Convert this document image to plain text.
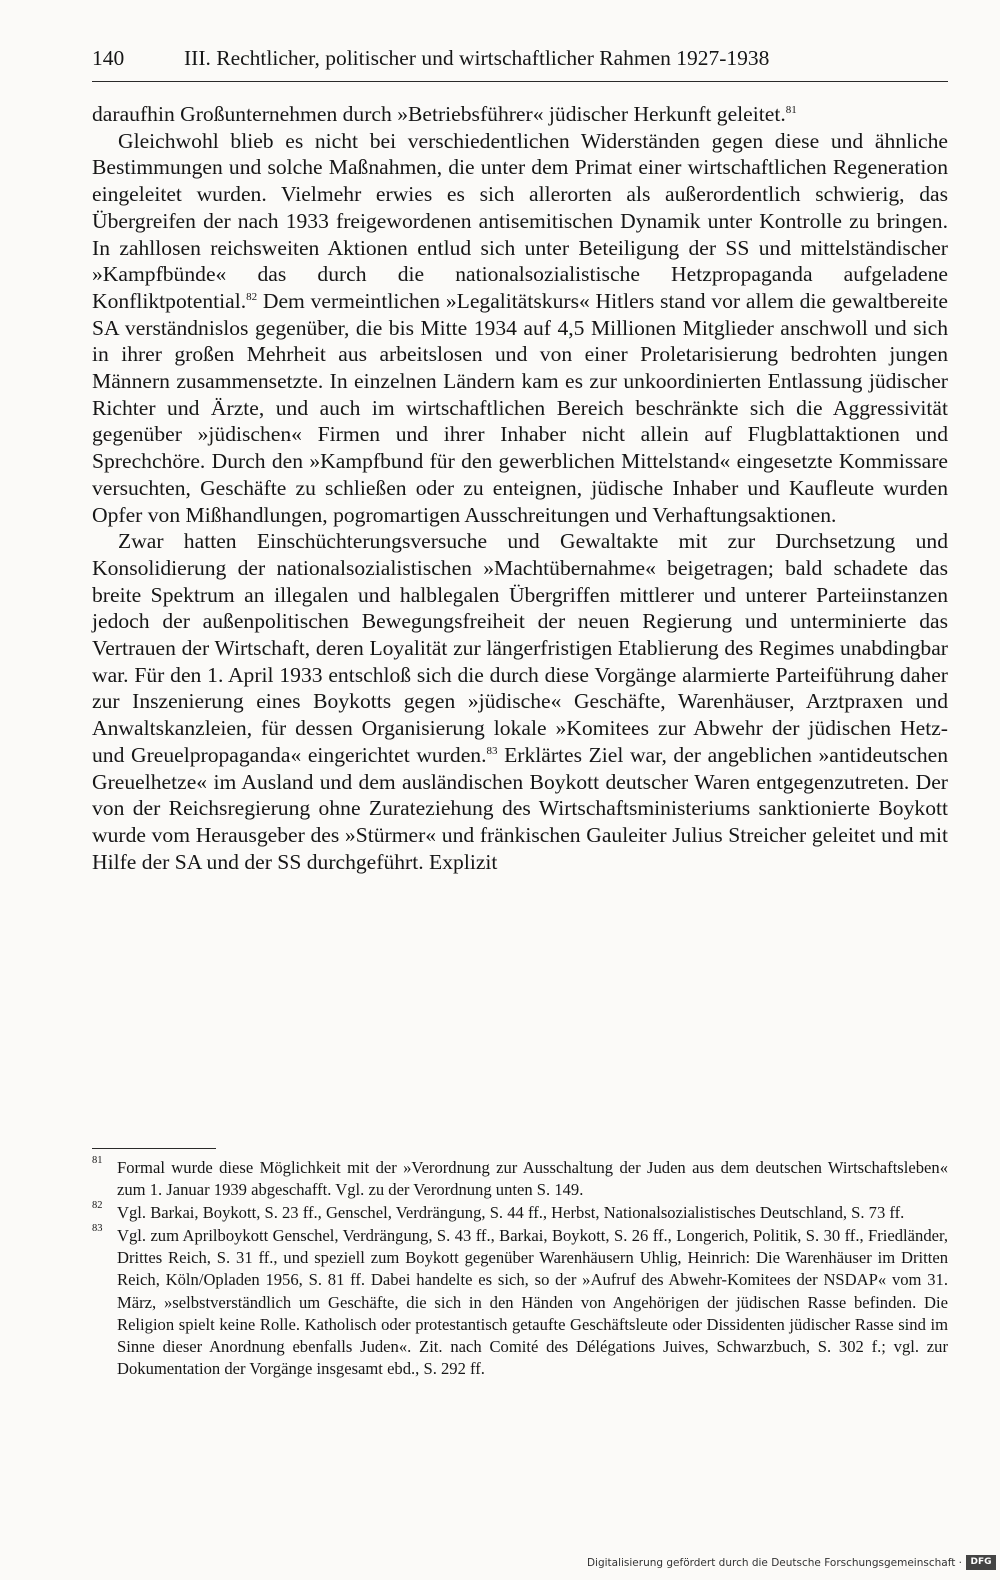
140	III. Rechtlicher, politischer und wirtschaftlicher Rahmen 1927-1938

daraufhin Großunternehmen durch »Betriebsführer« jüdischer Herkunft geleitet.$^{81}$

Gleichwohl blieb es nicht bei verschiedentlichen Widerständen gegen diese und ähnliche Bestimmungen und solche Maßnahmen, die unter dem Primat einer wirtschaftlichen Regeneration eingeleitet wurden. Vielmehr erwies es sich allerorten als außerordentlich schwierig, das Übergreifen der nach 1933 freigewordenen antisemitischen Dynamik unter Kontrolle zu bringen. In zahllosen reichsweiten Aktionen entlud sich unter Beteiligung der SS und mittelständischer »Kampfbünde« das durch die nationalsozialistische Hetzpropaganda aufgeladene Konfliktpotential.$^{82}$ Dem vermeintlichen »Legalitätskurs« Hitlers stand vor allem die gewaltbereite SA verständnislos gegenüber, die bis Mitte 1934 auf 4,5 Millionen Mitglieder anschwoll und sich in ihrer großen Mehrheit aus arbeitslosen und von einer Proletarisierung bedrohten jungen Männern zusammensetzte. In einzelnen Ländern kam es zur unkoordinierten Entlassung jüdischer Richter und Ärzte, und auch im wirtschaftlichen Bereich beschränkte sich die Aggressivität gegenüber »jüdischen« Firmen und ihrer Inhaber nicht allein auf Flugblattaktionen und Sprechchöre. Durch den »Kampfbund für den gewerblichen Mittelstand« eingesetzte Kommissare versuchten, Geschäfte zu schließen oder zu enteignen, jüdische Inhaber und Kaufleute wurden Opfer von Mißhandlungen, pogromartigen Ausschreitungen und Verhaftungsaktionen.

Zwar hatten Einschüchterungsversuche und Gewaltakte mit zur Durchsetzung und Konsolidierung der nationalsozialistischen »Machtübernahme« beigetragen; bald schadete das breite Spektrum an illegalen und halblegalen Übergriffen mittlerer und unterer Parteiinstanzen jedoch der außenpolitischen Bewegungsfreiheit der neuen Regierung und unterminierte das Vertrauen der Wirtschaft, deren Loyalität zur längerfristigen Etablierung des Regimes unabdingbar war. Für den 1. April 1933 entschloß sich die durch diese Vorgänge alarmierte Parteiführung daher zur Inszenierung eines Boykotts gegen »jüdische« Geschäfte, Warenhäuser, Arztpraxen und Anwaltskanzleien, für dessen Organisierung lokale »Komitees zur Abwehr der jüdischen Hetz- und Greuelpropaganda« eingerichtet wurden.$^{83}$ Erklärtes Ziel war, der angeblichen »antideutschen Greuelhetze« im Ausland und dem ausländischen Boykott deutscher Waren entgegenzutreten. Der von der Reichsregierung ohne Zurateziehung des Wirtschaftsministeriums sanktionierte Boykott wurde vom Herausgeber des »Stürmer« und fränkischen Gauleiter Julius Streicher geleitet und mit Hilfe der SA und der SS durchgeführt. Explizit

81 Formal wurde diese Möglichkeit mit der »Verordnung zur Ausschaltung der Juden aus dem deutschen Wirtschaftsleben« zum 1. Januar 1939 abgeschafft. Vgl. zu der Verordnung unten S. 149.
82 Vgl. Barkai, Boykott, S. 23 ff., Genschel, Verdrängung, S. 44 ff., Herbst, Nationalsozialistisches Deutschland, S. 73 ff.
83 Vgl. zum Aprilboykott Genschel, Verdrängung, S. 43 ff., Barkai, Boykott, S. 26 ff., Longerich, Politik, S. 30 ff., Friedländer, Drittes Reich, S. 31 ff., und speziell zum Boykott gegenüber Warenhäusern Uhlig, Heinrich: Die Warenhäuser im Dritten Reich, Köln/Opladen 1956, S. 81 ff. Dabei handelte es sich, so der »Aufruf des Abwehr-Komitees der NSDAP« vom 31. März, »selbstverständlich um Geschäfte, die sich in den Händen von Angehörigen der jüdischen Rasse befinden. Die Religion spielt keine Rolle. Katholisch oder protestantisch getaufte Geschäftsleute oder Dissidenten jüdischer Rasse sind im Sinne dieser Anordnung ebenfalls Juden«. Zit. nach Comité des Délégations Juives, Schwarzbuch, S. 302 f.; vgl. zur Dokumentation der Vorgänge insgesamt ebd., S. 292 ff.
Digitalisierung gefördert durch die Deutsche Forschungsgemeinschaft · DFG
